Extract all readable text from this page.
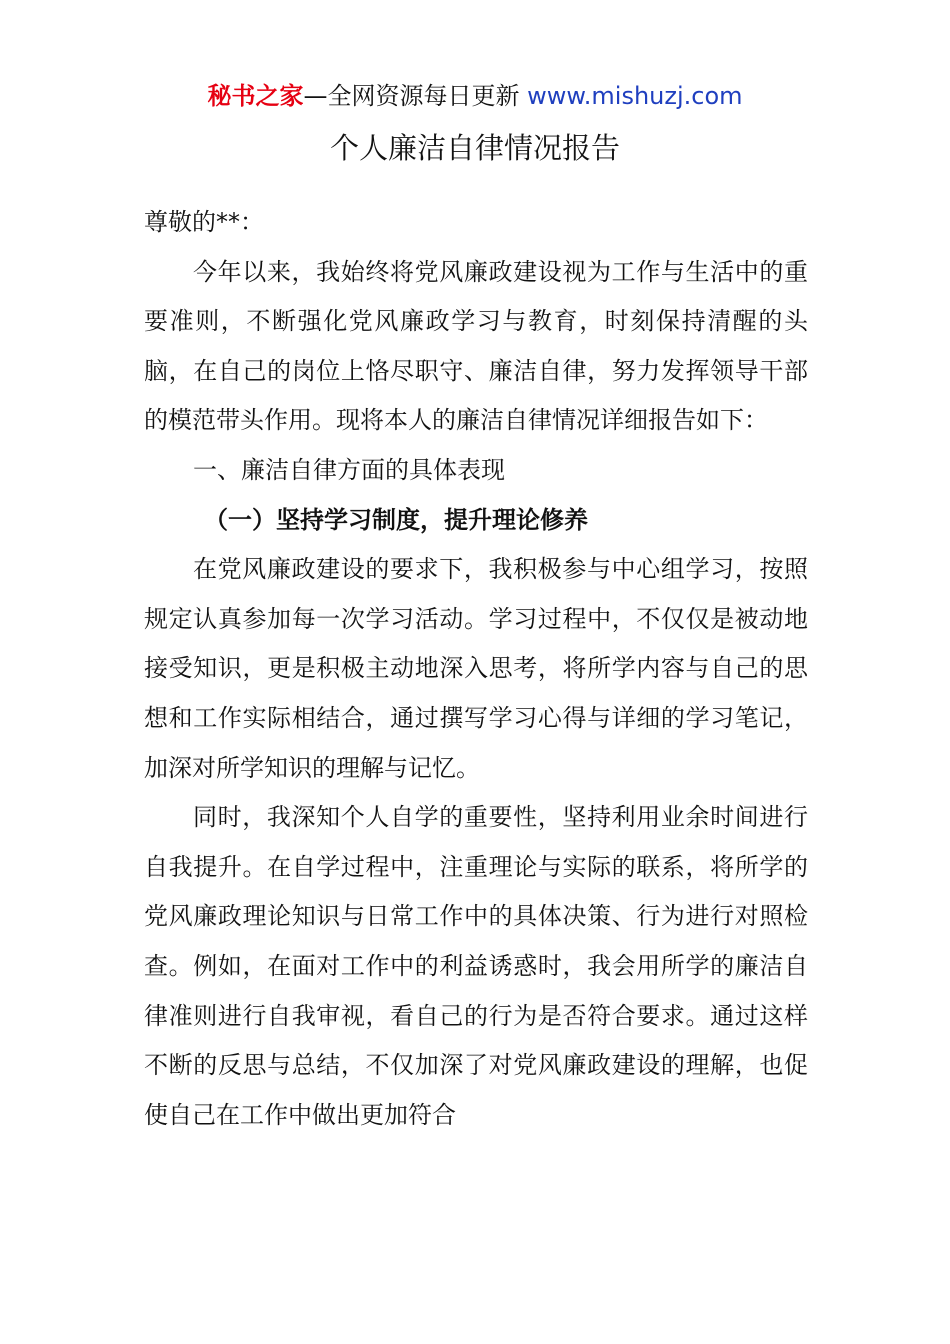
秘书之家—全网资源每日更新 www.mishuzj.com
个人廉洁自律情况报告

尊敬的**：

今年以来，我始终将党风廉政建设视为工作与生活中的重要准则，不断强化党风廉政学习与教育，时刻保持清醒的头脑，在自己的岗位上恪尽职守、廉洁自律，努力发挥领导干部的模范带头作用。现将本人的廉洁自律情况详细报告如下：

一、廉洁自律方面的具体表现

（一）坚持学习制度，提升理论修养

在党风廉政建设的要求下，我积极参与中心组学习，按照规定认真参加每一次学习活动。学习过程中，不仅仅是被动地接受知识，更是积极主动地深入思考，将所学内容与自己的思想和工作实际相结合，通过撰写学习心得与详细的学习笔记，加深对所学知识的理解与记忆。

同时，我深知个人自学的重要性，坚持利用业余时间进行自我提升。在自学过程中，注重理论与实际的联系，将所学的党风廉政理论知识与日常工作中的具体决策、行为进行对照检查。例如，在面对工作中的利益诱惑时，我会用所学的廉洁自律准则进行自我审视，看自己的行为是否符合要求。通过这样不断的反思与总结，不仅加深了对党风廉政建设的理解，也促使自己在工作中做出更加符合
